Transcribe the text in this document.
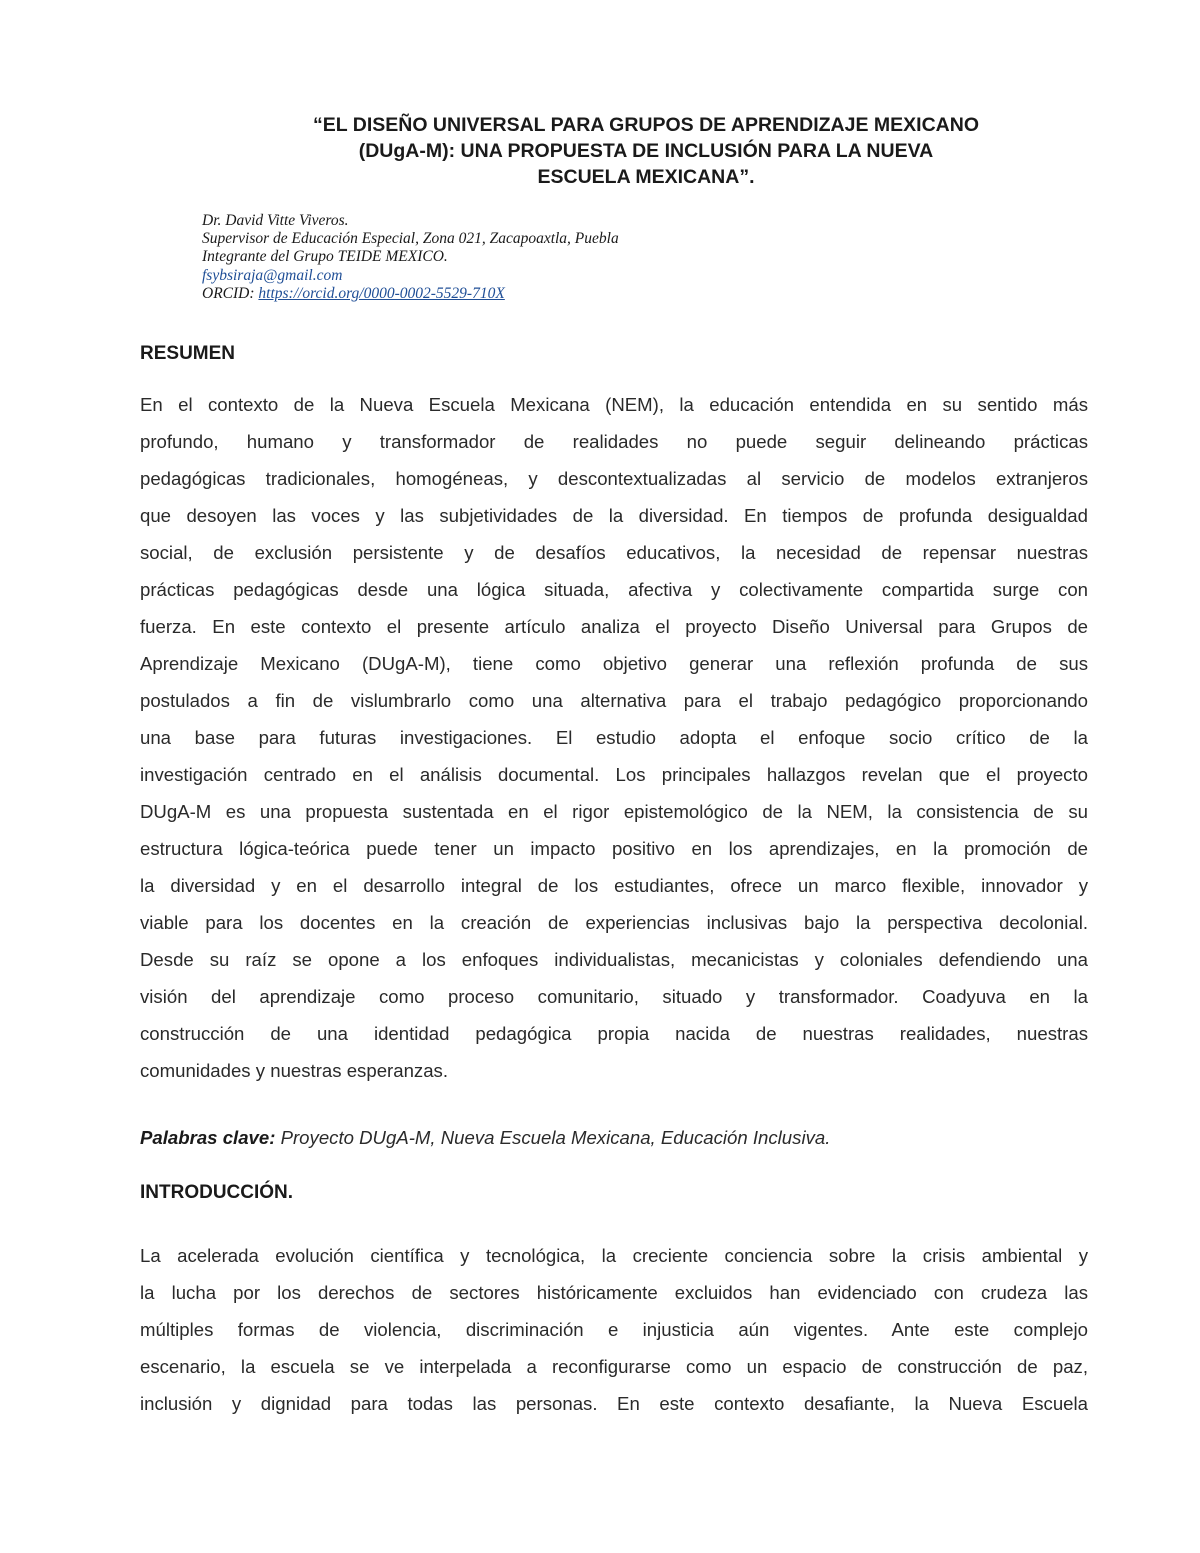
“EL DISEÑO UNIVERSAL PARA GRUPOS DE APRENDIZAJE MEXICANO
(DUgA-M): UNA PROPUESTA DE INCLUSIÓN PARA LA NUEVA
ESCUELA MEXICANA”.
Dr. David Vitte Viveros.
Supervisor de Educación Especial, Zona 021, Zacapoaxtla, Puebla
Integrante del Grupo TEIDE MEXICO.
fsybsiraja@gmail.com
ORCID: https://orcid.org/0000-0002-5529-710X
RESUMEN
En el contexto de la Nueva Escuela Mexicana (NEM), la educación entendida en su sentido más
profundo, humano y transformador de realidades no puede seguir delineando prácticas
pedagógicas tradicionales, homogéneas, y descontextualizadas al servicio de modelos extranjeros
que desoyen las voces y las subjetividades de la diversidad. En tiempos de profunda desigualdad
social, de exclusión persistente y de desafíos educativos, la necesidad de repensar nuestras
prácticas pedagógicas desde una lógica situada, afectiva y colectivamente compartida surge con
fuerza. En este contexto el presente artículo analiza el proyecto Diseño Universal para Grupos de
Aprendizaje Mexicano (DUgA-M), tiene como objetivo generar una reflexión profunda de sus
postulados a fin de vislumbrarlo como una alternativa para el trabajo pedagógico proporcionando
una base para futuras investigaciones. El estudio adopta el enfoque socio crítico de la
investigación centrado en el análisis documental. Los principales hallazgos revelan que el proyecto
DUgA-M es una propuesta sustentada en el rigor epistemológico de la NEM, la consistencia de su
estructura lógica-teórica puede tener un impacto positivo en los aprendizajes, en la promoción de
la diversidad y en el desarrollo integral de los estudiantes, ofrece un marco flexible, innovador y
viable para los docentes en la creación de experiencias inclusivas bajo la perspectiva decolonial.
Desde su raíz se opone a los enfoques individualistas, mecanicistas y coloniales defendiendo una
visión del aprendizaje como proceso comunitario, situado y transformador. Coadyuva en la
construcción de una identidad pedagógica propia nacida de nuestras realidades, nuestras
comunidades y nuestras esperanzas.
Palabras clave: Proyecto DUgA-M, Nueva Escuela Mexicana, Educación Inclusiva.
INTRODUCCIÓN.
La acelerada evolución científica y tecnológica, la creciente conciencia sobre la crisis ambiental y
la lucha por los derechos de sectores históricamente excluidos han evidenciado con crudeza las
múltiples formas de violencia, discriminación e injusticia aún vigentes. Ante este complejo
escenario, la escuela se ve interpelada a reconfigurarse como un espacio de construcción de paz,
inclusión y dignidad para todas las personas. En este contexto desafiante, la Nueva Escuela
